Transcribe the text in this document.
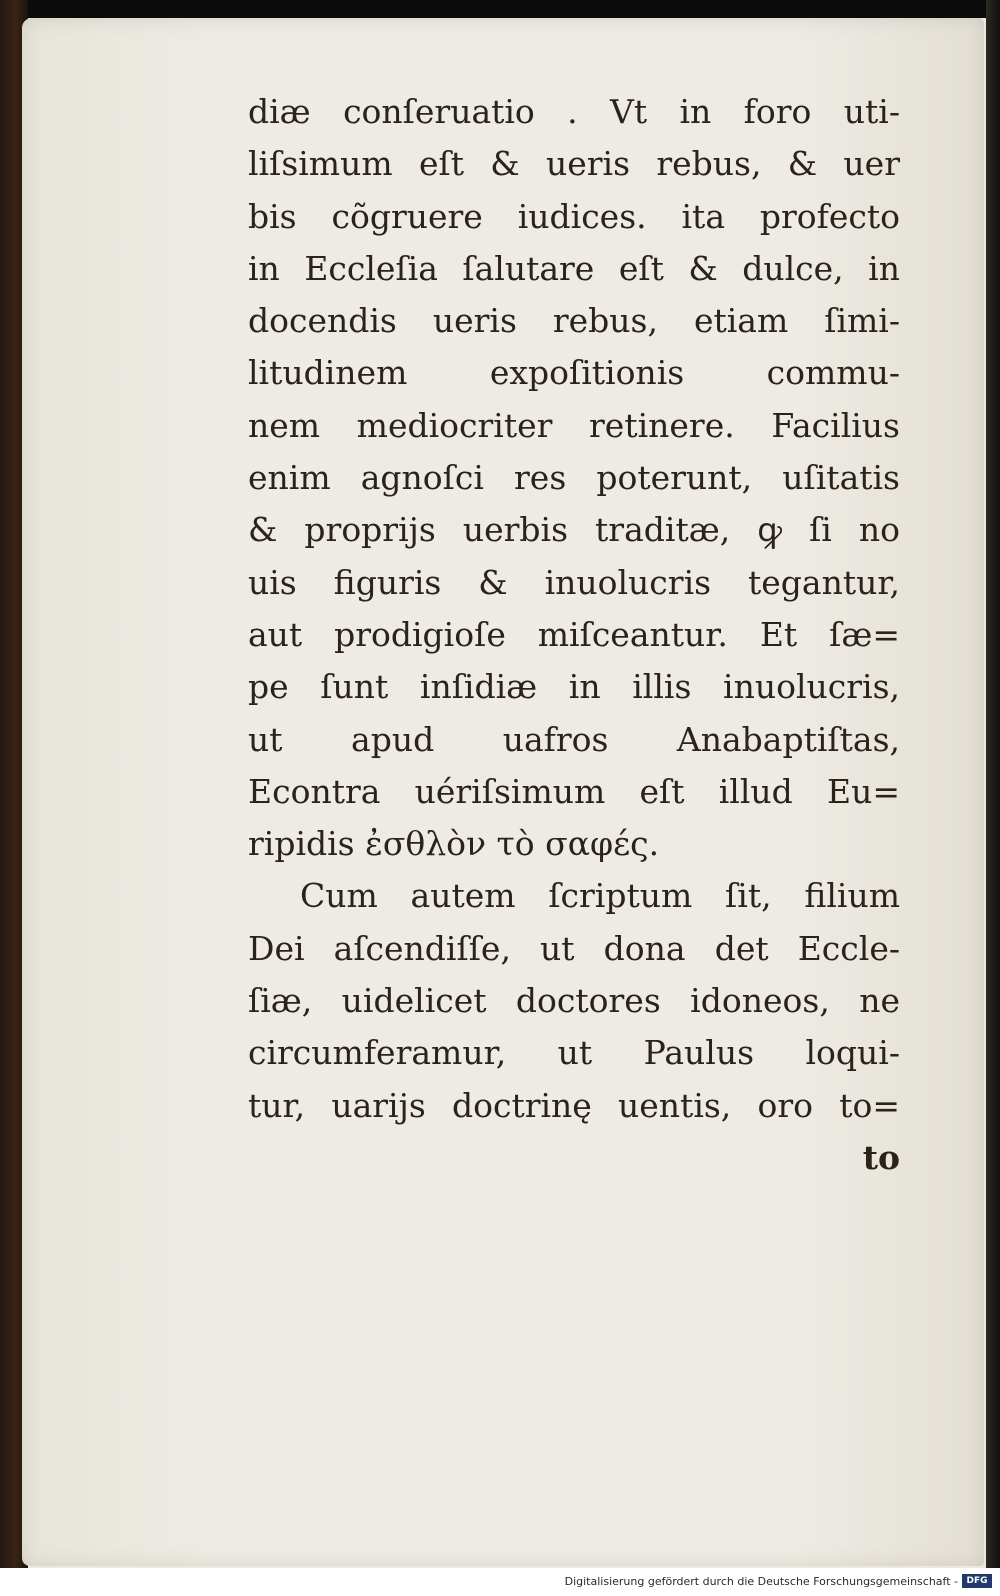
diæ conſeruatio . Vt in foro uti-
liſsimum eſt & ueris rebus, & uer
bis cõgruere iudices. ita profecto
in Eccleſia ſalutare eſt & dulce, in
docendis ueris rebus, etiam ſimi-
litudinem expoſitionis commu-
nem mediocriter retinere. Facilius
enim agnoſci res poterunt, uſitatis
& proprijs uerbis traditæ, ꝙ ſi no
uis figuris & inuolucris tegantur,
aut prodigioſe miſceantur. Et ſæ=
pe ſunt inſidiæ in illis inuolucris,
ut apud uafros Anabaptiſtas,
Econtra uériſsimum eſt illud Eu=
ripidis ἐσθλὸν τὸ σαφές.
Cum autem ſcriptum ſit, filium
Dei aſcendiſſe, ut dona det Eccle-
ſiæ, uidelicet doctores idoneos, ne
circumferamur, ut Paulus loqui-
tur, uarijs doctrinę uentis, oro to=
to
Digitalisierung gefördert durch die Deutsche Forschungsgemeinschaft - DFG
